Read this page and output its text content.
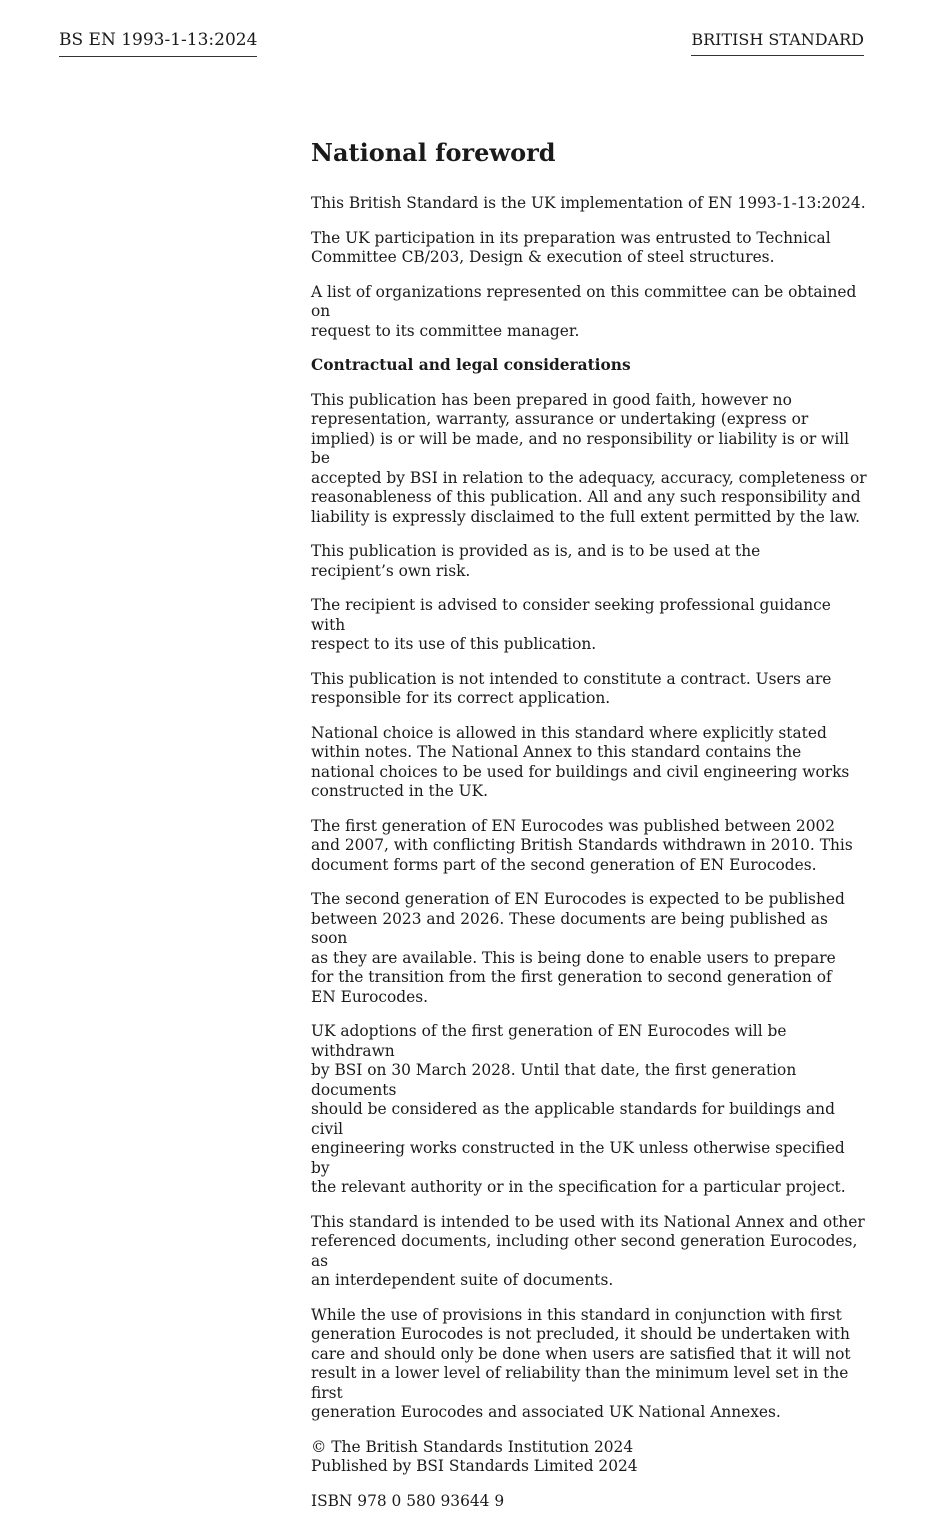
BS EN 1993-1-13:2024	BRITISH STANDARD
National foreword

This British Standard is the UK implementation of EN 1993-1-13:2024.

The UK participation in its preparation was entrusted to Technical
Committee CB/203, Design & execution of steel structures.

A list of organizations represented on this committee can be obtained on
request to its committee manager.

Contractual and legal considerations

This publication has been prepared in good faith, however no
representation, warranty, assurance or undertaking (express or
implied) is or will be made, and no responsibility or liability is or will be
accepted by BSI in relation to the adequacy, accuracy, completeness or
reasonableness of this publication. All and any such responsibility and
liability is expressly disclaimed to the full extent permitted by the law.

This publication is provided as is, and is to be used at the
recipient’s own risk.

The recipient is advised to consider seeking professional guidance with
respect to its use of this publication.

This publication is not intended to constitute a contract. Users are
responsible for its correct application.

National choice is allowed in this standard where explicitly stated
within notes. The National Annex to this standard contains the
national choices to be used for buildings and civil engineering works
constructed in the UK.

The first generation of EN Eurocodes was published between 2002
and 2007, with conflicting British Standards withdrawn in 2010. This
document forms part of the second generation of EN Eurocodes.

The second generation of EN Eurocodes is expected to be published
between 2023 and 2026. These documents are being published as soon
as they are available. This is being done to enable users to prepare
for the transition from the first generation to second generation of
EN Eurocodes.

UK adoptions of the first generation of EN Eurocodes will be withdrawn
by BSI on 30 March 2028. Until that date, the first generation documents
should be considered as the applicable standards for buildings and civil
engineering works constructed in the UK unless otherwise specified by
the relevant authority or in the specification for a particular project.

This standard is intended to be used with its National Annex and other
referenced documents, including other second generation Eurocodes, as
an interdependent suite of documents.

While the use of provisions in this standard in conjunction with first
generation Eurocodes is not precluded, it should be undertaken with
care and should only be done when users are satisfied that it will not
result in a lower level of reliability than the minimum level set in the first
generation Eurocodes and associated UK National Annexes.

© The British Standards Institution 2024
Published by BSI Standards Limited 2024

ISBN 978 0 580 93644 9
